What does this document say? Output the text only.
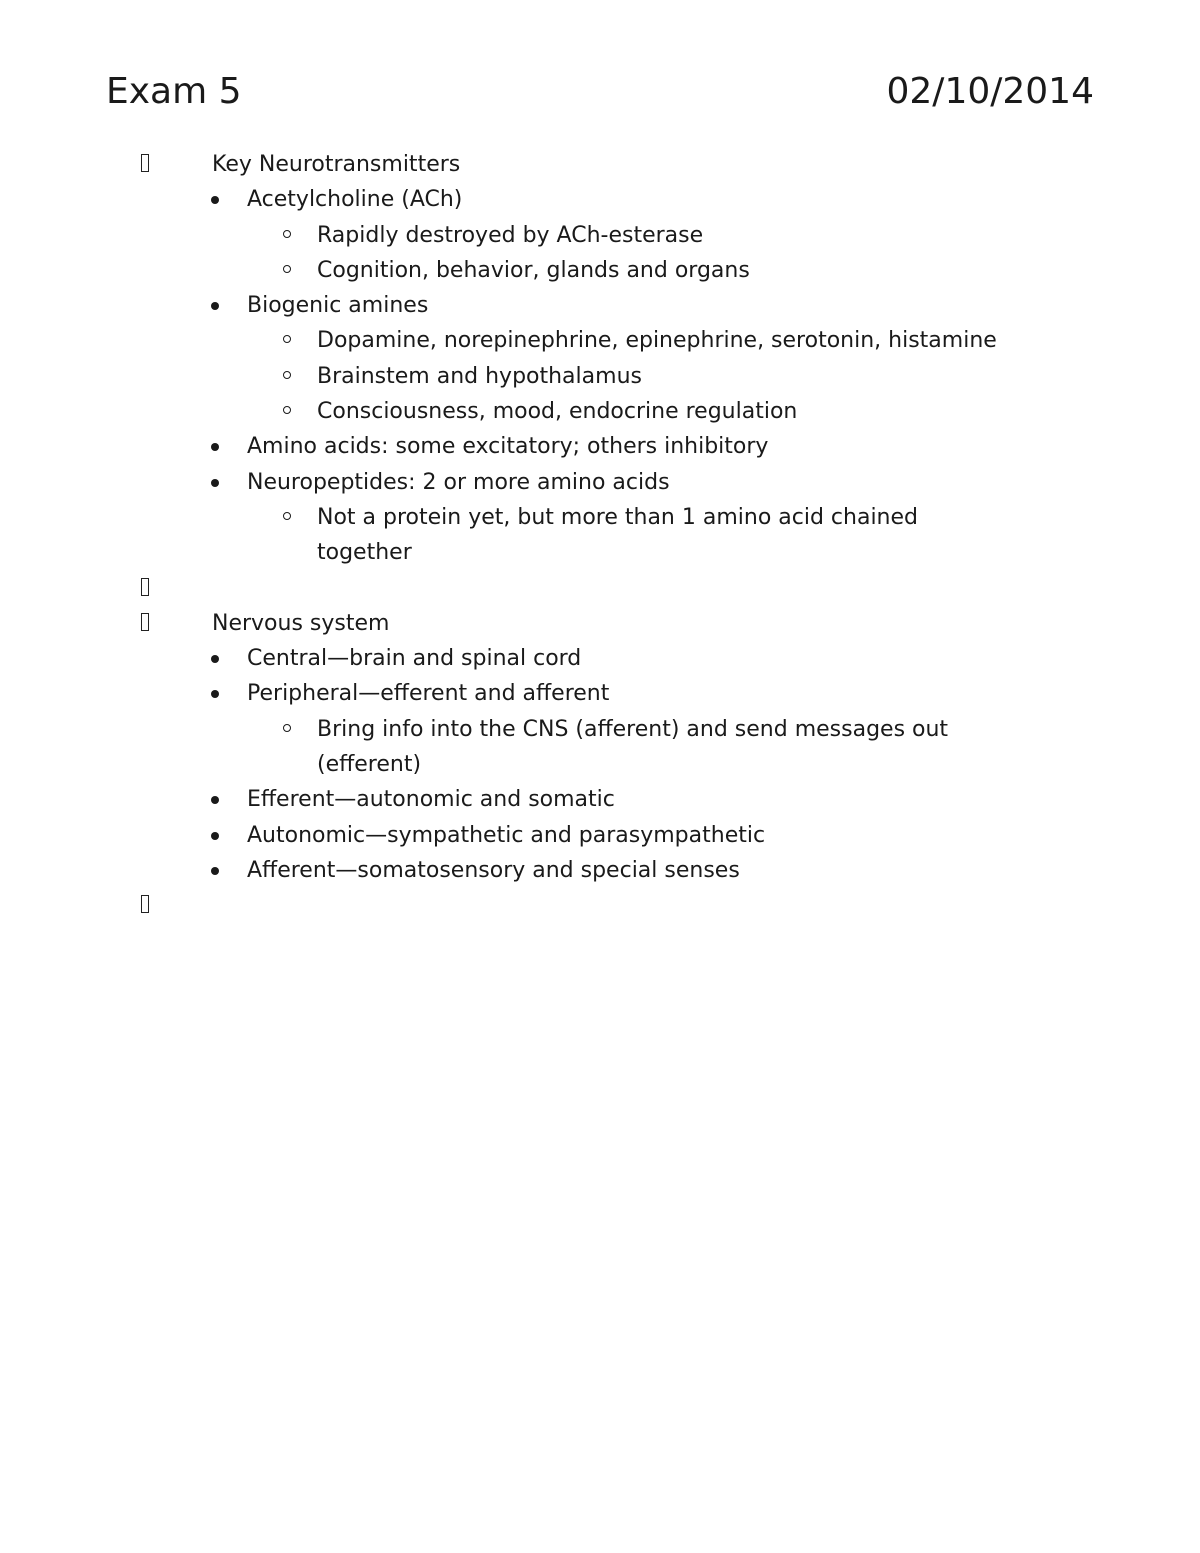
Exam 5	02/10/2014
Key Neurotransmitters
Acetylcholine (ACh)
Rapidly destroyed by ACh-esterase
Cognition, behavior, glands and organs
Biogenic amines
Dopamine, norepinephrine, epinephrine, serotonin, histamine
Brainstem and hypothalamus
Consciousness, mood, endocrine regulation
Amino acids: some excitatory; others inhibitory
Neuropeptides: 2 or more amino acids
Not a protein yet, but more than 1 amino acid chained together
Nervous system
Central—brain and spinal cord
Peripheral—efferent and afferent
Bring info into the CNS (afferent) and send messages out (efferent)
Efferent—autonomic and somatic
Autonomic—sympathetic and parasympathetic
Afferent—somatosensory and special senses
